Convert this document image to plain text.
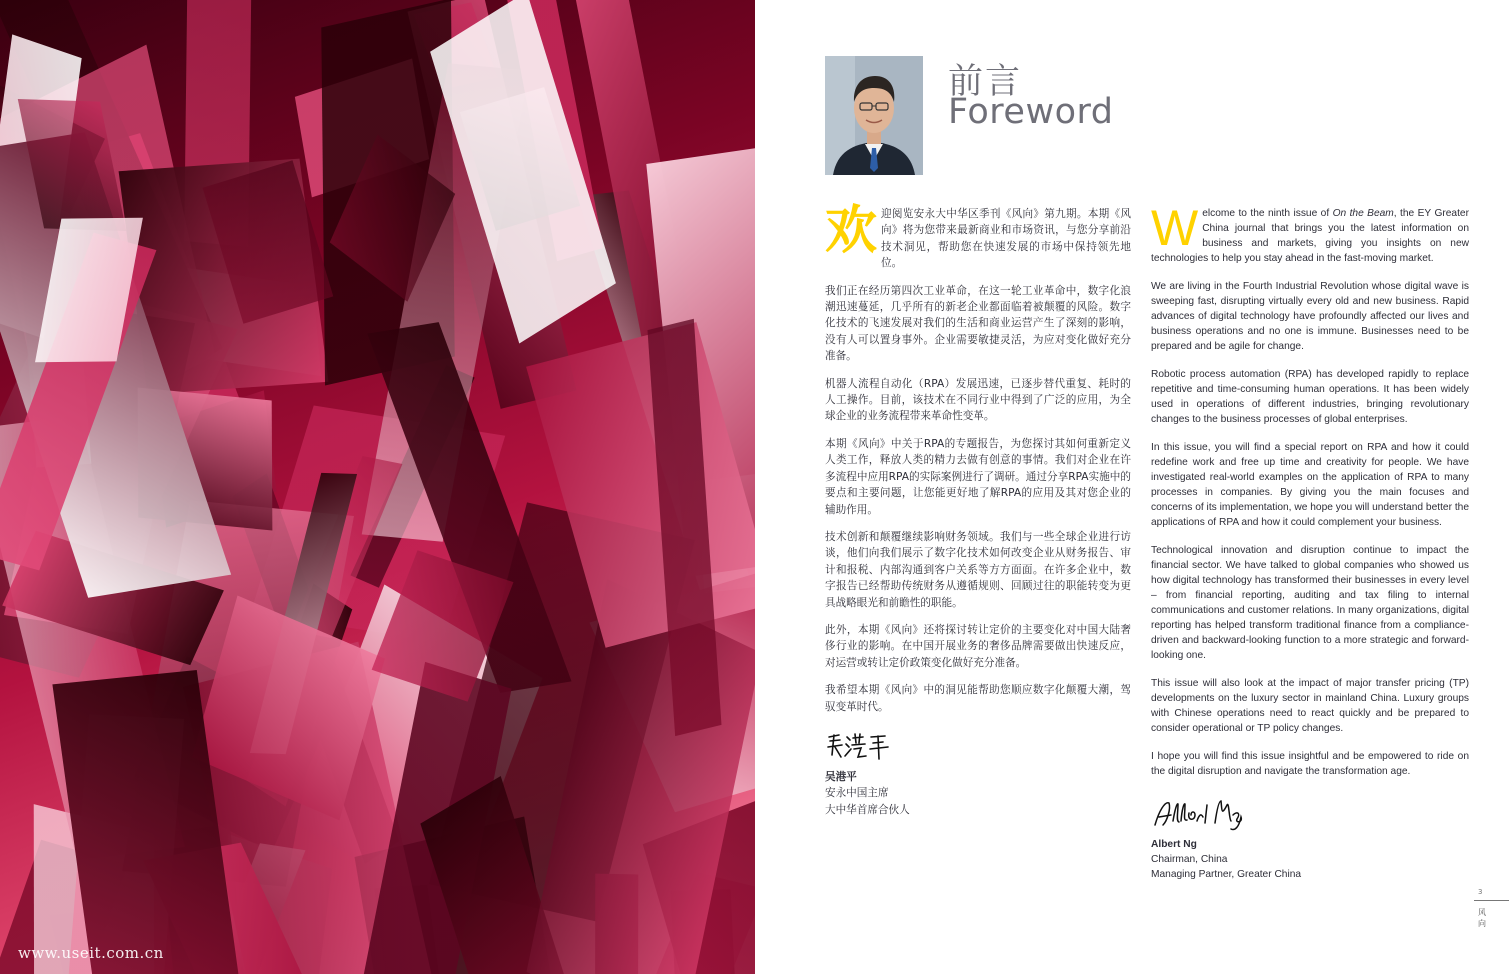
www.useit.com.cn
前言
Foreword

欢迎阅览安永大中华区季刊《风向》第九期。本期《风向》将为您带来最新商业和市场资讯，与您分享前沿技术洞见，帮助您在快速发展的市场中保持领先地位。

我们正在经历第四次工业革命，在这一轮工业革命中，数字化浪潮迅速蔓延，几乎所有的新老企业都面临着被颠覆的风险。数字化技术的飞速发展对我们的生活和商业运营产生了深刻的影响，没有人可以置身事外。企业需要敏捷灵活，为应对变化做好充分准备。

机器人流程自动化（RPA）发展迅速，已逐步替代重复、耗时的人工操作。目前，该技术在不同行业中得到了广泛的应用，为全球企业的业务流程带来革命性变革。

本期《风向》中关于RPA的专题报告，为您探讨其如何重新定义人类工作，释放人类的精力去做有创意的事情。我们对企业在许多流程中应用RPA的实际案例进行了调研。通过分享RPA实施中的要点和主要问题，让您能更好地了解RPA的应用及其对您企业的辅助作用。

技术创新和颠覆继续影响财务领域。我们与一些全球企业进行访谈，他们向我们展示了数字化技术如何改变企业从财务报告、审计和报税、内部沟通到客户关系等方方面面。在许多企业中，数字报告已经帮助传统财务从遵循规则、回顾过往的职能转变为更具战略眼光和前瞻性的职能。

此外，本期《风向》还将探讨转让定价的主要变化对中国大陆奢侈行业的影响。在中国开展业务的奢侈品牌需要做出快速反应，对运营或转让定价政策变化做好充分准备。

我希望本期《风向》中的洞见能帮助您顺应数字化颠覆大潮，驾驭变革时代。

吴港平
安永中国主席
大中华首席合伙人

Welcome to the ninth issue of On the Beam, the EY Greater China journal that brings you the latest information on business and markets, giving you insights on new technologies to help you stay ahead in the fast-moving market.

We are living in the Fourth Industrial Revolution whose digital wave is sweeping fast, disrupting virtually every old and new business. Rapid advances of digital technology have profoundly affected our lives and business operations and no one is immune. Businesses need to be prepared and be agile for change.

Robotic process automation (RPA) has developed rapidly to replace repetitive and time-consuming human operations. It has been widely used in operations of different industries, bringing revolutionary changes to the business processes of global enterprises.

In this issue, you will find a special report on RPA and how it could redefine work and free up time and creativity for people. We have investigated real-world examples on the application of RPA to many processes in companies. By giving you the main focuses and concerns of its implementation, we hope you will understand better the applications of RPA and how it could complement your business.

Technological innovation and disruption continue to impact the financial sector. We have talked to global companies who showed us how digital technology has transformed their businesses in every level – from financial reporting, auditing and tax filing to internal communications and customer relations. In many organizations, digital reporting has helped transform traditional finance from a compliance-driven and backward-looking function to a more strategic and forward-looking one.

This issue will also look at the impact of major transfer pricing (TP) developments on the luxury sector in mainland China. Luxury groups with Chinese operations need to react quickly and be prepared to consider operational or TP policy changes.

I hope you will find this issue insightful and be empowered to ride on the digital disruption and navigate the transformation age.

Albert Ng
Chairman, China
Managing Partner, Greater China
3
风向
